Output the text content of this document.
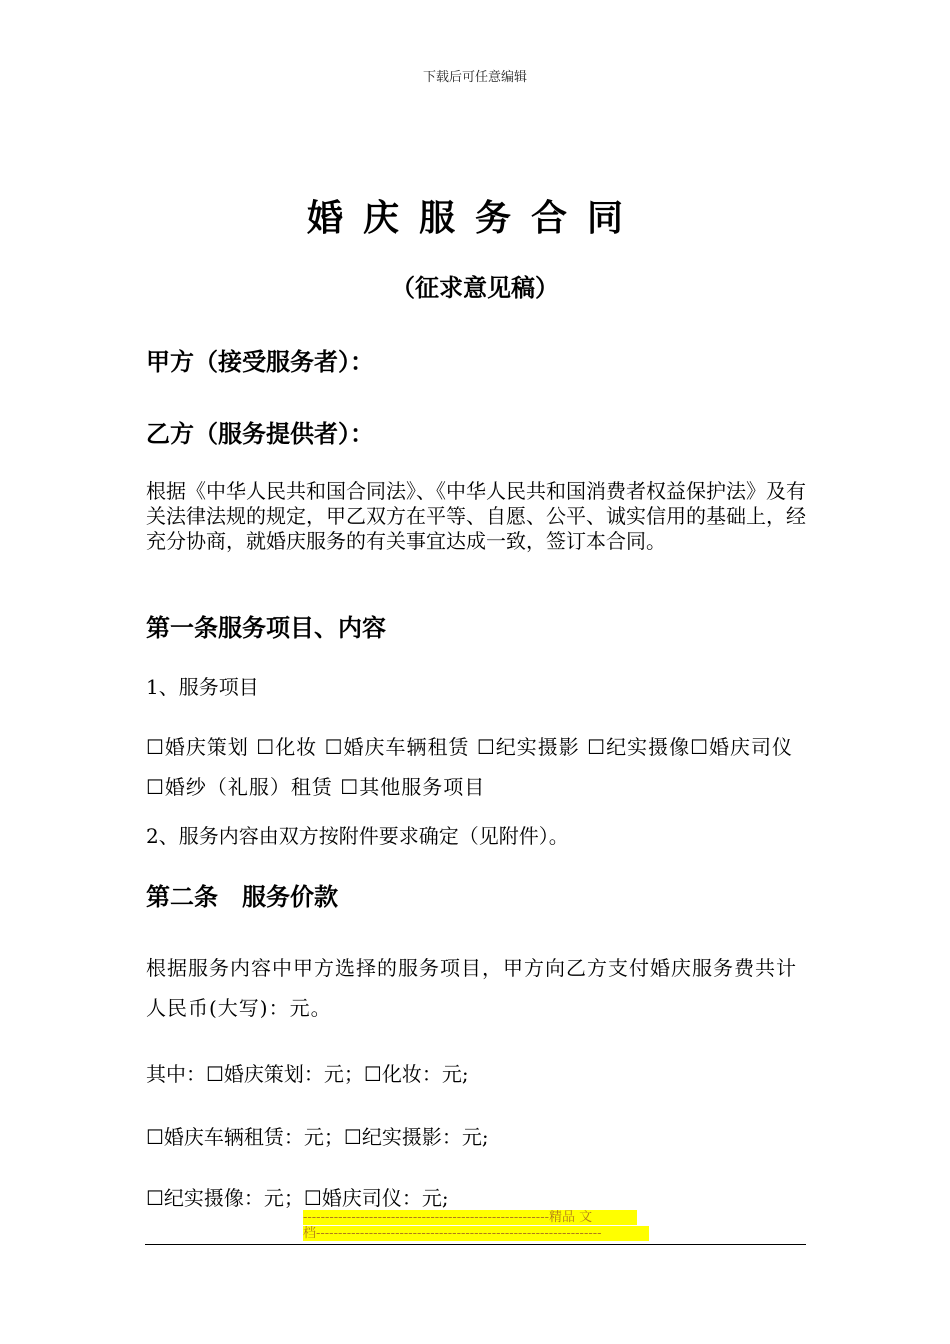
下载后可任意编辑
婚庆服务合同
（征求意见稿）
甲方（接受服务者）：
乙方（服务提供者）：
根据《中华人民共和国合同法》、《中华人民共和国消费者权益保护法》及有关法律法规的规定，甲乙双方在平等、自愿、公平、诚实信用的基础上，经充分协商，就婚庆服务的有关事宜达成一致，签订本合同。
第一条服务项目、内容
1、服务项目
☐婚庆策划 ☐化妆 ☐婚庆车辆租赁 ☐纪实摄影 ☐纪实摄像☐婚庆司仪 ☐婚纱（礼服）租赁 ☐其他服务项目
2、服务内容由双方按附件要求确定（见附件）。
第二条　服务价款
根据服务内容中甲方选择的服务项目，甲方向乙方支付婚庆服务费共计人民币(大写)：元。
其中：☐婚庆策划：元；☐化妆：元;
☐婚庆车辆租赁：元；☐纪实摄影：元;
☐纪实摄像：元；☐婚庆司仪：元;
--------------------------------------------------------精品 文
档-----------------------------------------------------------------
